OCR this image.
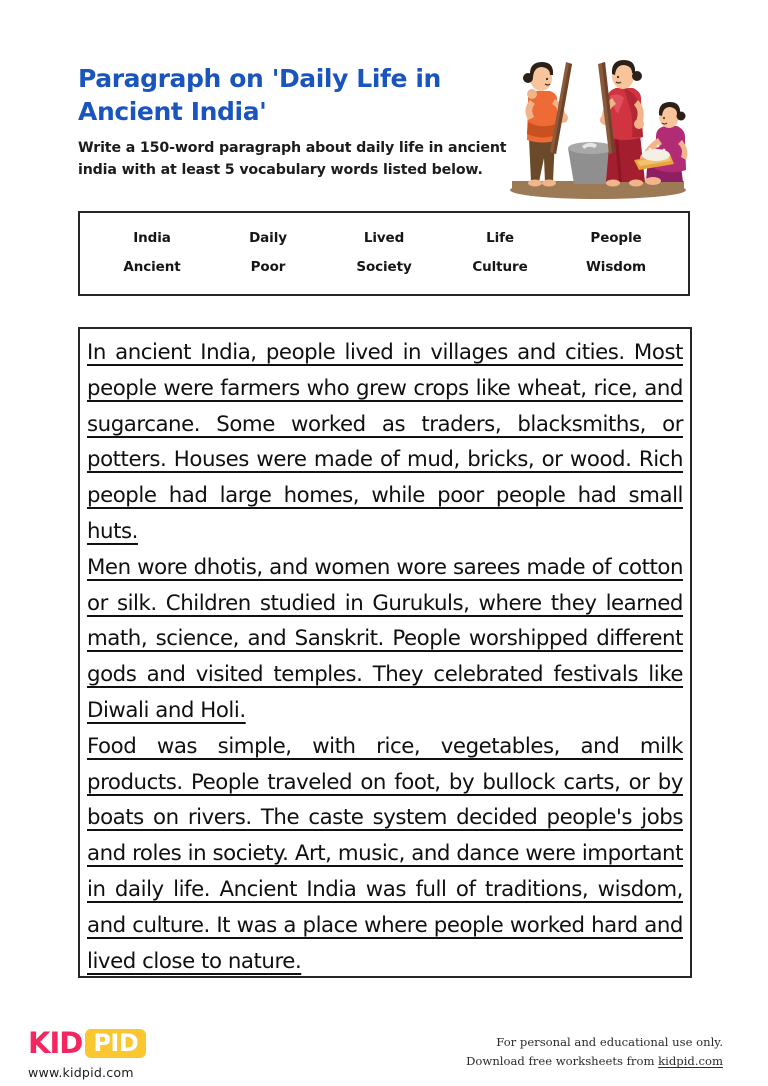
Paragraph on 'Daily Life in Ancient India'

Write a 150-word paragraph about daily life in ancient india with at least 5 vocabulary words listed below.

India	Daily	Lived	Life	People
Ancient	Poor	Society	Culture	Wisdom

In ancient India, people lived in villages and cities. Most people were farmers who grew crops like wheat, rice, and sugarcane. Some worked as traders, blacksmiths, or potters. Houses were made of mud, bricks, or wood. Rich people had large homes, while poor people had small huts.

Men wore dhotis, and women wore sarees made of cotton or silk. Children studied in Gurukuls, where they learned math, science, and Sanskrit. People worshipped different gods and visited temples. They celebrated festivals like Diwali and Holi.

Food was simple, with rice, vegetables, and milk products. People traveled on foot, by bullock carts, or by boats on rivers. The caste system decided people's jobs and roles in society. Art, music, and dance were important in daily life. Ancient India was full of traditions, wisdom, and culture. It was a place where people worked hard and lived close to nature.

KID PID
www.kidpid.com
For personal and educational use only.
Download free worksheets from kidpid.com
